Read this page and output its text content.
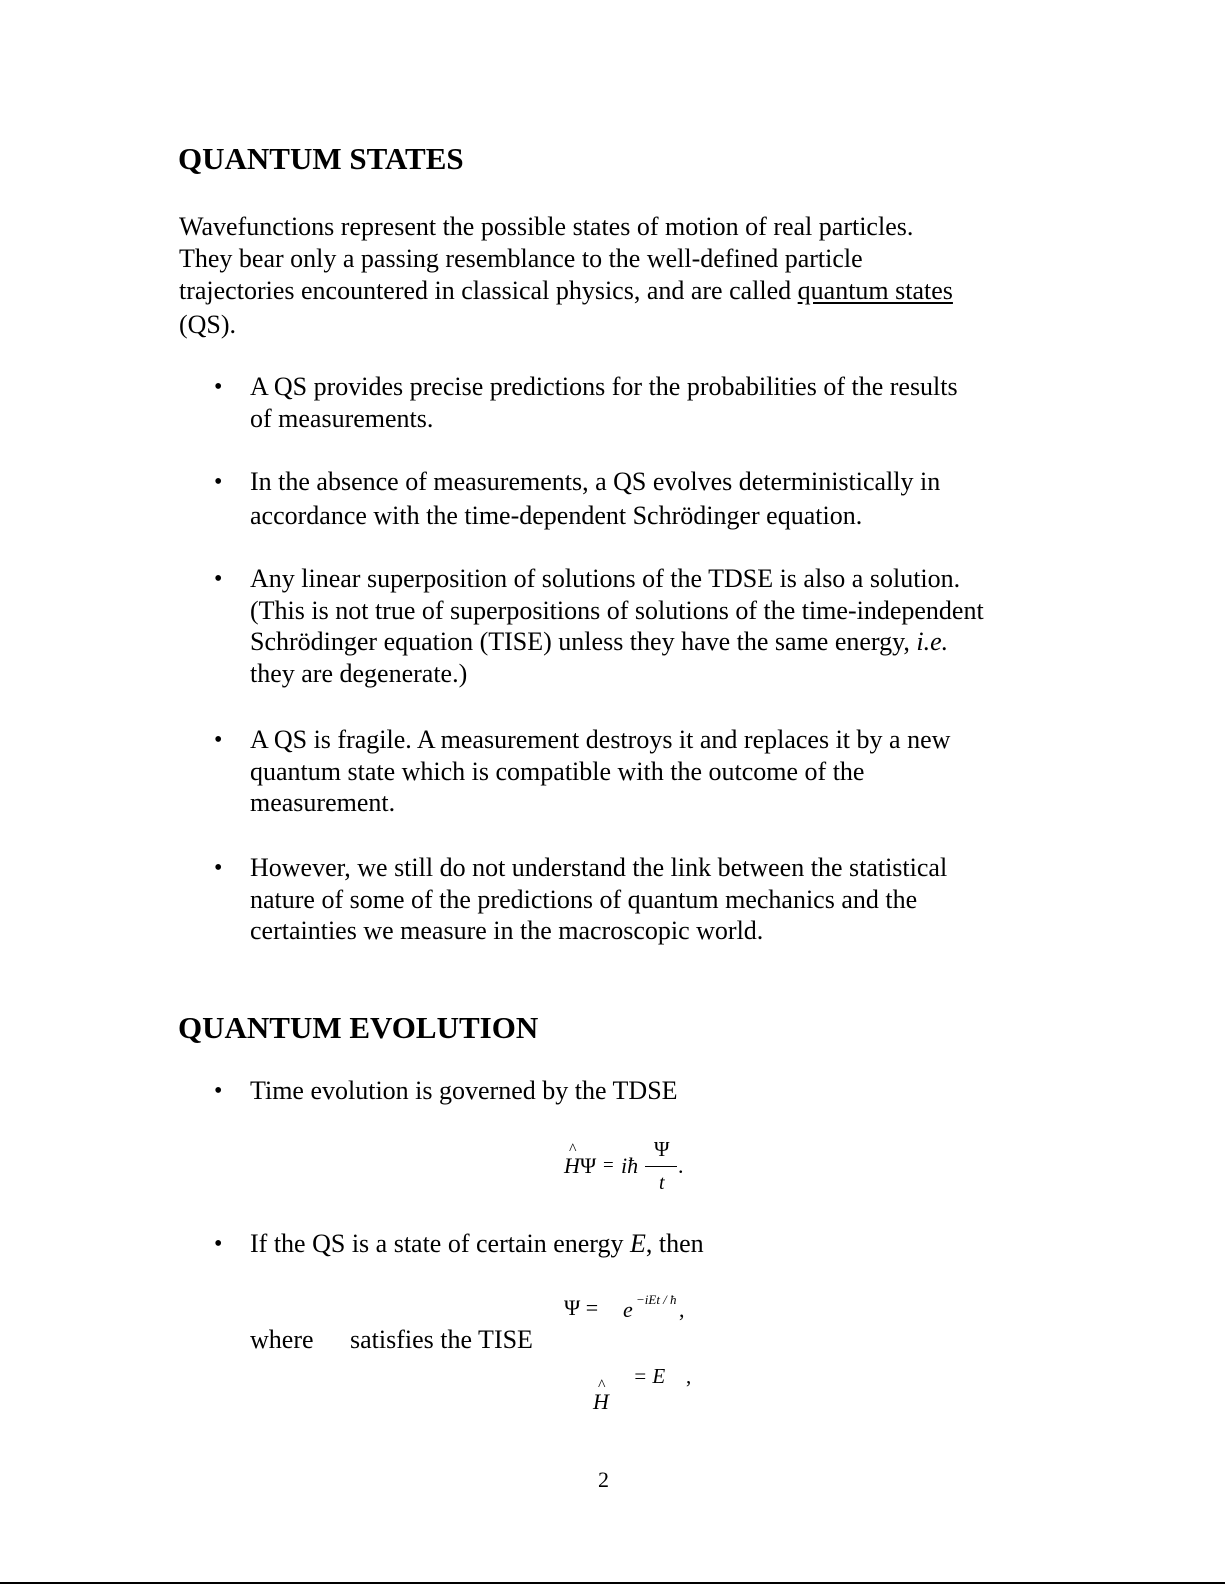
QUANTUM STATES
Wavefunctions represent the possible states of motion of real particles.
They bear only a passing resemblance to the well-defined particle
trajectories encountered in classical physics, and are called quantum states
(QS).
• A QS provides precise predictions for the probabilities of the results
of measurements.
• In the absence of measurements, a QS evolves deterministically in
accordance with the time-dependent Schrödinger equation.
• Any linear superposition of solutions of the TDSE is also a solution.
(This is not true of superpositions of solutions of the time-independent
Schrödinger equation (TISE) unless they have the same energy, i.e.
they are degenerate.)
• A QS is fragile. A measurement destroys it and replaces it by a new
quantum state which is compatible with the outcome of the
measurement.
• However, we still do not understand the link between the statistical
nature of some of the predictions of quantum mechanics and the
certainties we measure in the macroscopic world.
QUANTUM EVOLUTION
• Time evolution is governed by the TDSE
^ H Ψ = iħ
Ψ
t
.
• If the QS is a state of certain energy E, then
Ψ = e −iEt / ħ ,
where satisfies the TISE
^ H
= E ,
2
